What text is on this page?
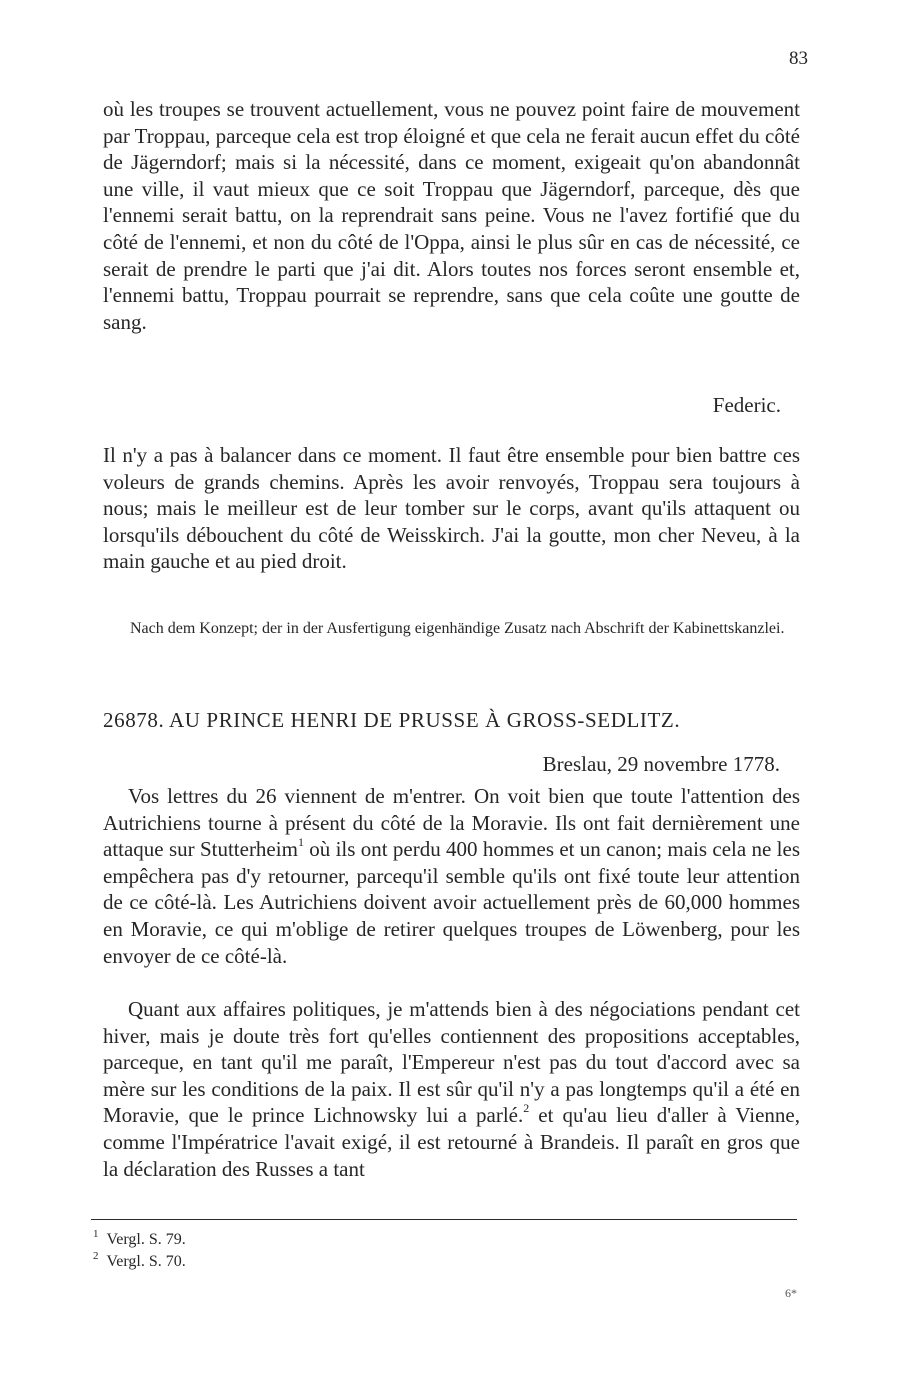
83

où les troupes se trouvent actuellement, vous ne pouvez point faire de mouvement par Troppau, parceque cela est trop éloigné et que cela ne ferait aucun effet du côté de Jägerndorf; mais si la nécessité, dans ce moment, exigeait qu'on abandonnât une ville, il vaut mieux que ce soit Troppau que Jägerndorf, parceque, dès que l'ennemi serait battu, on la reprendrait sans peine. Vous ne l'avez fortifié que du côté de l'ennemi, et non du côté de l'Oppa, ainsi le plus sûr en cas de nécessité, ce serait de prendre le parti que j'ai dit. Alors toutes nos forces seront ensemble et, l'ennemi battu, Troppau pourrait se reprendre, sans que cela coûte une goutte de sang.

Federic.

Il n'y a pas à balancer dans ce moment. Il faut être ensemble pour bien battre ces voleurs de grands chemins. Après les avoir renvoyés, Troppau sera toujours à nous; mais le meilleur est de leur tomber sur le corps, avant qu'ils attaquent ou lorsqu'ils débouchent du côté de Weisskirch. J'ai la goutte, mon cher Neveu, à la main gauche et au pied droit.

Nach dem Konzept; der in der Ausfertigung eigenhändige Zusatz nach Abschrift der Kabinettskanzlei.
26878. AU PRINCE HENRI DE PRUSSE À GROSS-SEDLITZ.
Breslau, 29 novembre 1778.

Vos lettres du 26 viennent de m'entrer. On voit bien que toute l'attention des Autrichiens tourne à présent du côté de la Moravie. Ils ont fait dernièrement une attaque sur Stutterheim$^1$ où ils ont perdu 400 hommes et un canon; mais cela ne les empêchera pas d'y retourner, parcequ'il semble qu'ils ont fixé toute leur attention de ce côté-là. Les Autrichiens doivent avoir actuellement près de 60,000 hommes en Moravie, ce qui m'oblige de retirer quelques troupes de Löwenberg, pour les envoyer de ce côté-là.

Quant aux affaires politiques, je m'attends bien à des négociations pendant cet hiver, mais je doute très fort qu'elles contiennent des propositions acceptables, parceque, en tant qu'il me paraît, l'Empereur n'est pas du tout d'accord avec sa mère sur les conditions de la paix. Il est sûr qu'il n'y a pas longtemps qu'il a été en Moravie, que le prince Lichnowsky lui a parlé.$^2$ et qu'au lieu d'aller à Vienne, comme l'Impératrice l'avait exigé, il est retourné à Brandeis. Il paraît en gros que la déclaration des Russes a tant

$^1$ Vergl. S. 79.
$^2$ Vergl. S. 70.
6*
